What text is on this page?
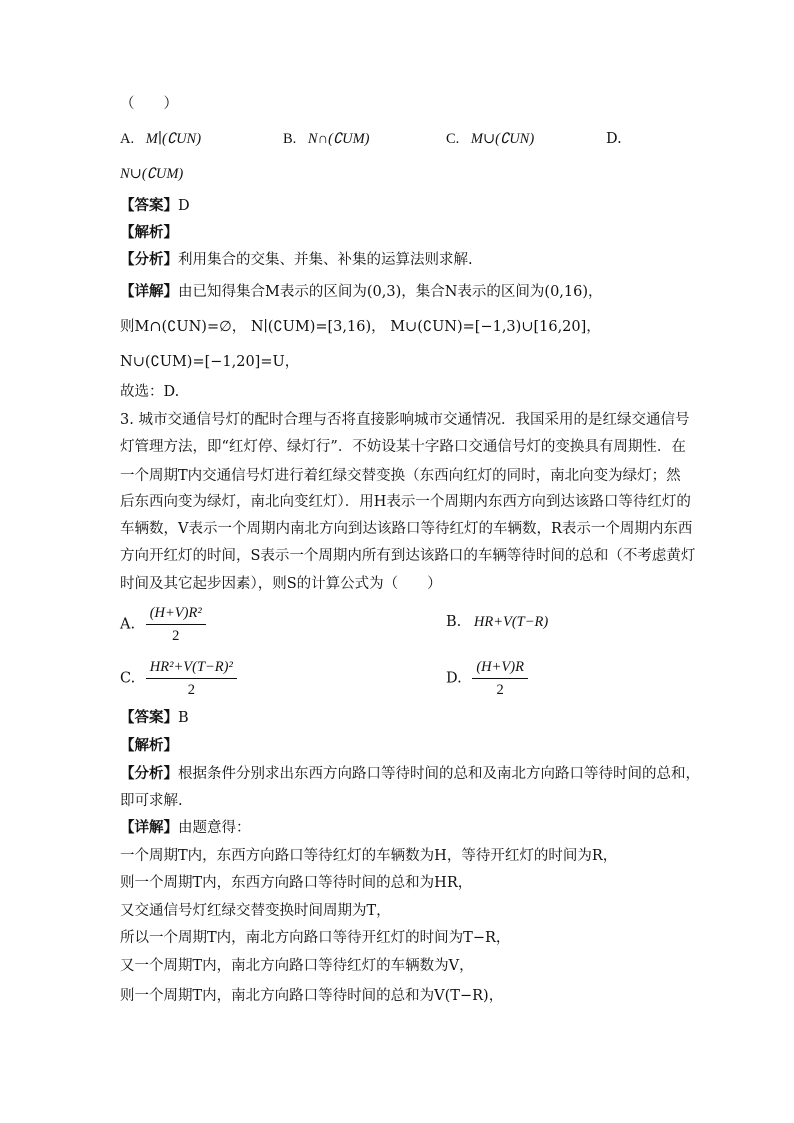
（　　）
A. M∣(∁UN)	B. N∩(∁UM)	C. M∪(∁UN)	D.
N∪(∁UM)
【答案】D
【解析】
【分析】利用集合的交集、并集、补集的运算法则求解.
【详解】由已知得集合M表示的区间为(0,3)，集合N表示的区间为(0,16)，
则M∩(∁UN)=∅， N∣(∁UM)=[3,16)， M∪(∁UN)=[−1,3)∪[16,20]，
N∪(∁UM)=[−1,20]=U，
故选：D.
3. 城市交通信号灯的配时合理与否将直接影响城市交通情况．我国采用的是红绿交通信号
灯管理方法，即“红灯停、绿灯行”．不妨设某十字路口交通信号灯的变换具有周期性．在
一个周期T内交通信号灯进行着红绿交替变换（东西向红灯的同时，南北向变为绿灯；然
后东西向变为绿灯，南北向变红灯）．用H表示一个周期内东西方向到达该路口等待红灯的
车辆数，V表示一个周期内南北方向到达该路口等待红灯的车辆数，R表示一个周期内东西
方向开红灯的时间，S表示一个周期内所有到达该路口的车辆等待时间的总和（不考虑黄灯
时间及其它起步因素），则S的计算公式为（　　）
A. $\frac{\text{(H+V)R²}}{2}$	B. HR+V(T−R)
C. $\frac{\text{HR²+V(T−R)²}}{2}$	D. $\frac{(H+V)R}{2}$
【答案】B
【解析】
【分析】根据条件分别求出东西方向路口等待时间的总和及南北方向路口等待时间的总和，
即可求解.
【详解】由题意得：
一个周期T内，东西方向路口等待红灯的车辆数为H，等待开红灯的时间为R，
则一个周期T内，东西方向路口等待时间的总和为HR，
又交通信号灯红绿交替变换时间周期为T，
所以一个周期T内，南北方向路口等待开红灯的时间为T−R，
又一个周期T内，南北方向路口等待红灯的车辆数为V，
则一个周期T内，南北方向路口等待时间的总和为V(T−R)，
